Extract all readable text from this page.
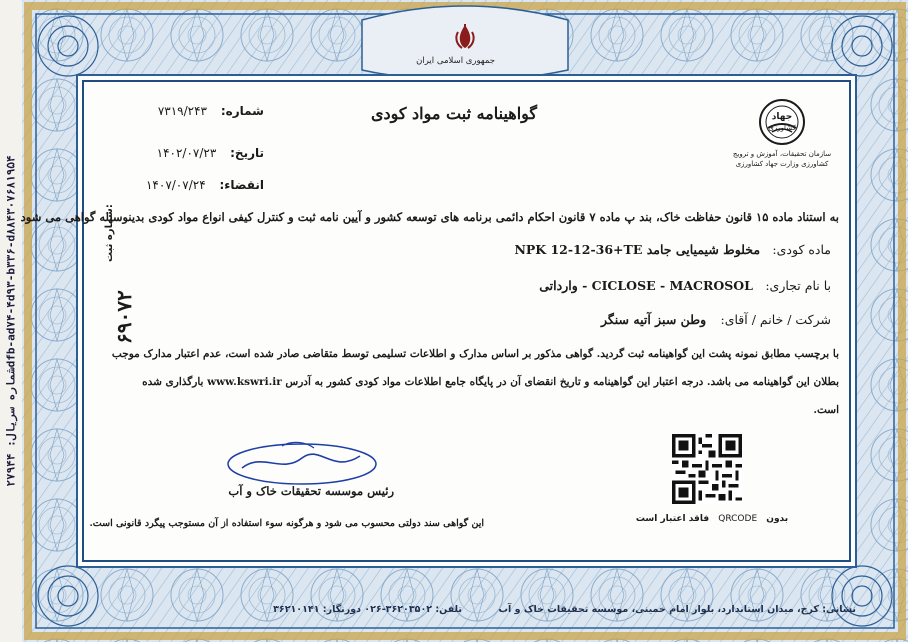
شماره سریال: ۲۷۹۴۴dfb-ad۷۴-۴d۹۳-b۳۳۶-d۸۸۴۳۰۷۶۸۱۹۵۴
جمهوری اسلامی ایران
شماره: ۷۳۱۹/۲۴۳
تاریخ: ۱۴۰۲/۰۷/۲۳
انقضاء: ۱۴۰۷/۰۷/۲۴
گواهینامه ثبت مواد کودی	جهاد
کشاورزی
سازمان تحقیقات، آموزش و ترویج
کشاورزی وزارت جهاد کشاورزی
به استناد ماده ۱۵ قانون حفاظت خاک، بند پ ماده ۷ قانون احکام دائمی برنامه های توسعه کشور و آیین نامه ثبت و کنترل کیفی انواع مواد کودی بدینوسیله گواهی می شود
ماده کودی: مخلوط شیمیایی جامد NPK 12-12-36+TE
با نام تجاری: CICLOSE - MACROSOL - وارداتی
شرکت / خانم / آقای: وطن سبز آتیه سنگر
شماره ثبت:
۶۹۰۷۲
با برچسب مطابق نمونه پشت این گواهینامه ثبت گردید. گواهی مذکور بر اساس مدارک و اطلاعات تسلیمی توسط متقاضی صادر شده است، عدم اعتبار مدارک موجب
بطلان این گواهینامه می باشد. درجه اعتبار این گواهینامه و تاریخ انقضای آن در پایگاه جامع اطلاعات مواد کودی کشور به آدرس www.kswri.ir بارگذاری شده
است.
رئیس موسسه تحقیقات خاک و آب
این گواهی سند دولتی محسوب می شود و هرگونه سوء استفاده از آن مستوجب پیگرد قانونی است.	بدون QRCODE فاقد اعتبار است
نشانی: کرج، میدان استاندارد، بلوار امام خمینی، موسسه تحقیقات خاک و آب
تلفن: ۳۶۲۰۳۵۰۲-۰۲۶ دورنگار: ۳۶۲۱۰۱۴۱
